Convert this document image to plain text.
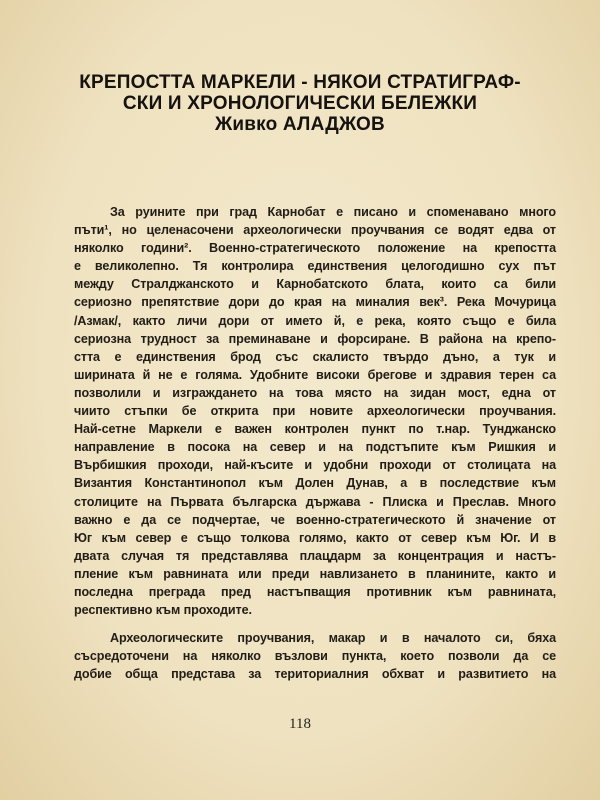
КРЕПОСТТА МАРКЕЛИ - НЯКОИ СТРАТИГРАФ-
СКИ И ХРОНОЛОГИЧЕСКИ БЕЛЕЖКИ
Живко АЛАДЖОВ
За руините при град Карнобат е писано и споменавано много
пъти¹, но целенасочени археологически проучвания се водят едва от
няколко години². Военно-стратегическото положение на крепостта
е великолепно. Тя контролира единствения целогодишно сух път
между Стралджанското и Карнобатското блата, които са били
сериозно препятствие дори до края на миналия век³. Река Мочурица
/Азмак/, както личи дори от името й, е река, която също е била
сериозна трудност за преминаване и форсиране. В района на крепо-
стта е единствения брод със скалисто твърдо дъно, а тук и
ширината й не е голяма. Удобните високи брегове и здравия терен са
позволили и изграждането на това място на зидан мост, една от
чиито стъпки бе открита при новите археологически проучвания.
Най-сетне Маркели е важен контролен пункт по т.нар. Тунджанско
направление в посока на север и на подстъпите към Ришкия и
Върбишкия проходи, най-късите и удобни проходи от столицата на
Византия Константинопол към Долен Дунав, а в последствие към
столиците на Първата българска държава - Плиска и Преслав. Много
важно е да се подчертае, че военно-стратегическото й значение от
Юг към север е също толкова голямо, както от север към Юг. И в
двата случая тя представлява плацдарм за концентрация и настъ-
пление към равнината или преди навлизането в планините, както и
последна преграда пред настъпващия противник към равнината,
респективно към проходите.
Археологическите проучвания, макар и в началото си, бяха
съсредоточени на няколко възлови пункта, което позволи да се
добие обща представа за териториалния обхват и развитието на
118
